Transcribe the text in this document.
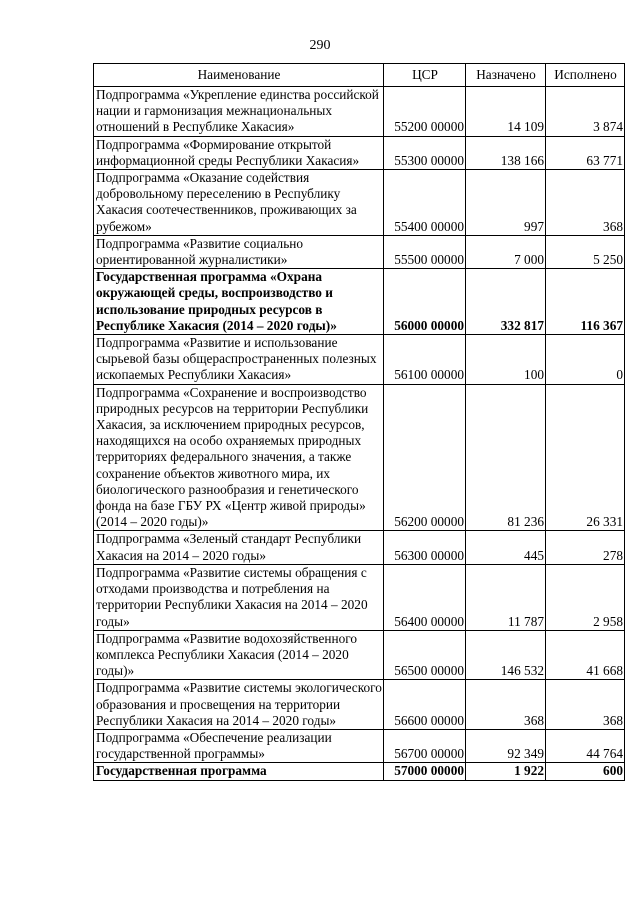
290
Наименование	ЦСР	Назначено	Исполнено
Подпрограмма «Укрепление единства российской нации и гармонизация межнациональных отношений в Республике Хакасия»	55200 00000	14 109	3 874
Подпрограмма «Формирование открытой информационной среды Республики Хакасия»	55300 00000	138 166	63 771
Подпрограмма «Оказание содействия добровольному переселению в Республику Хакасия соотечественников, проживающих за рубежом»	55400 00000	997	368
Подпрограмма «Развитие социально ориентированной журналистики»	55500 00000	7 000	5 250
Государственная программа «Охрана окружающей среды, воспроизводство и использование природных ресурсов в Республике Хакасия (2014 – 2020 годы)»	56000 00000	332 817	116 367
Подпрограмма «Развитие и использование сырьевой базы общераспространенных полезных ископаемых Республики Хакасия»	56100 00000	100	0
Подпрограмма «Сохранение и воспроизводство природных ресурсов на территории Республики Хакасия, за исключением природных ресурсов, находящихся на особо охраняемых природных территориях федерального значения, а также сохранение объектов животного мира, их биологического разнообразия и генетического фонда на базе ГБУ РХ «Центр живой природы» (2014 – 2020 годы)»	56200 00000	81 236	26 331
Подпрограмма «Зеленый стандарт Республики Хакасия на 2014 – 2020 годы»	56300 00000	445	278
Подпрограмма «Развитие системы обращения с отходами производства и потребления на территории Республики Хакасия на 2014 – 2020 годы»	56400 00000	11 787	2 958
Подпрограмма «Развитие водохозяйственного комплекса Республики Хакасия (2014 – 2020 годы)»	56500 00000	146 532	41 668
Подпрограмма «Развитие системы экологического образования и просвещения на территории Республики Хакасия на 2014 – 2020 годы»	56600 00000	368	368
Подпрограмма «Обеспечение реализации государственной программы»	56700 00000	92 349	44 764
Государственная программа	57000 00000	1 922	600
